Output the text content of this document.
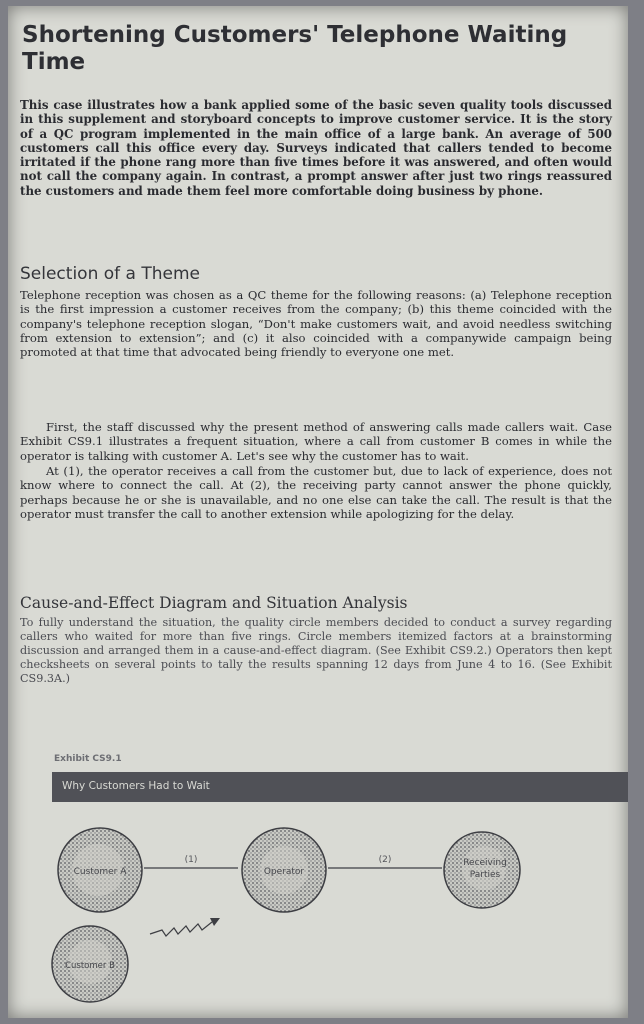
Shortening Customers' Telephone Waiting Time

This case illustrates how a bank applied some of the basic seven quality tools discussed in this supplement and storyboard concepts to improve customer service. It is the story of a QC program implemented in the main office of a large bank. An average of 500 customers call this office every day. Surveys indicated that callers tended to become irritated if the phone rang more than five times before it was answered, and often would not call the company again. In contrast, a prompt answer after just two rings reassured the customers and made them feel more comfortable doing business by phone.

Selection of a Theme

Telephone reception was chosen as a QC theme for the following reasons: (a) Telephone reception is the first impression a customer receives from the company; (b) this theme coincided with the company's telephone reception slogan, “Don't make customers wait, and avoid needless switching from extension to extension”; and (c) it also coincided with a companywide campaign being promoted at that time that advocated being friendly to everyone one met.

First, the staff discussed why the present method of answering calls made callers wait. Case Exhibit CS9.1 illustrates a frequent situation, where a call from customer B comes in while the operator is talking with customer A. Let's see why the customer has to wait.

At (1), the operator receives a call from the customer but, due to lack of experience, does not know where to connect the call. At (2), the receiving party cannot answer the phone quickly, perhaps because he or she is unavailable, and no one else can take the call. The result is that the operator must transfer the call to another extension while apologizing for the delay.

Cause-and-Effect Diagram and Situation Analysis

To fully understand the situation, the quality circle members decided to conduct a survey regarding callers who waited for more than five rings. Circle members itemized factors at a brainstorming discussion and arranged them in a cause-and-effect diagram. (See Exhibit CS9.2.) Operators then kept checksheets on several points to tally the results spanning 12 days from June 4 to 16. (See Exhibit CS9.3A.)

Exhibit CS9.1
Why Customers Had to Wait
Customer A	Operator
Receiving
Parties
Customer B
(1)	(2)
